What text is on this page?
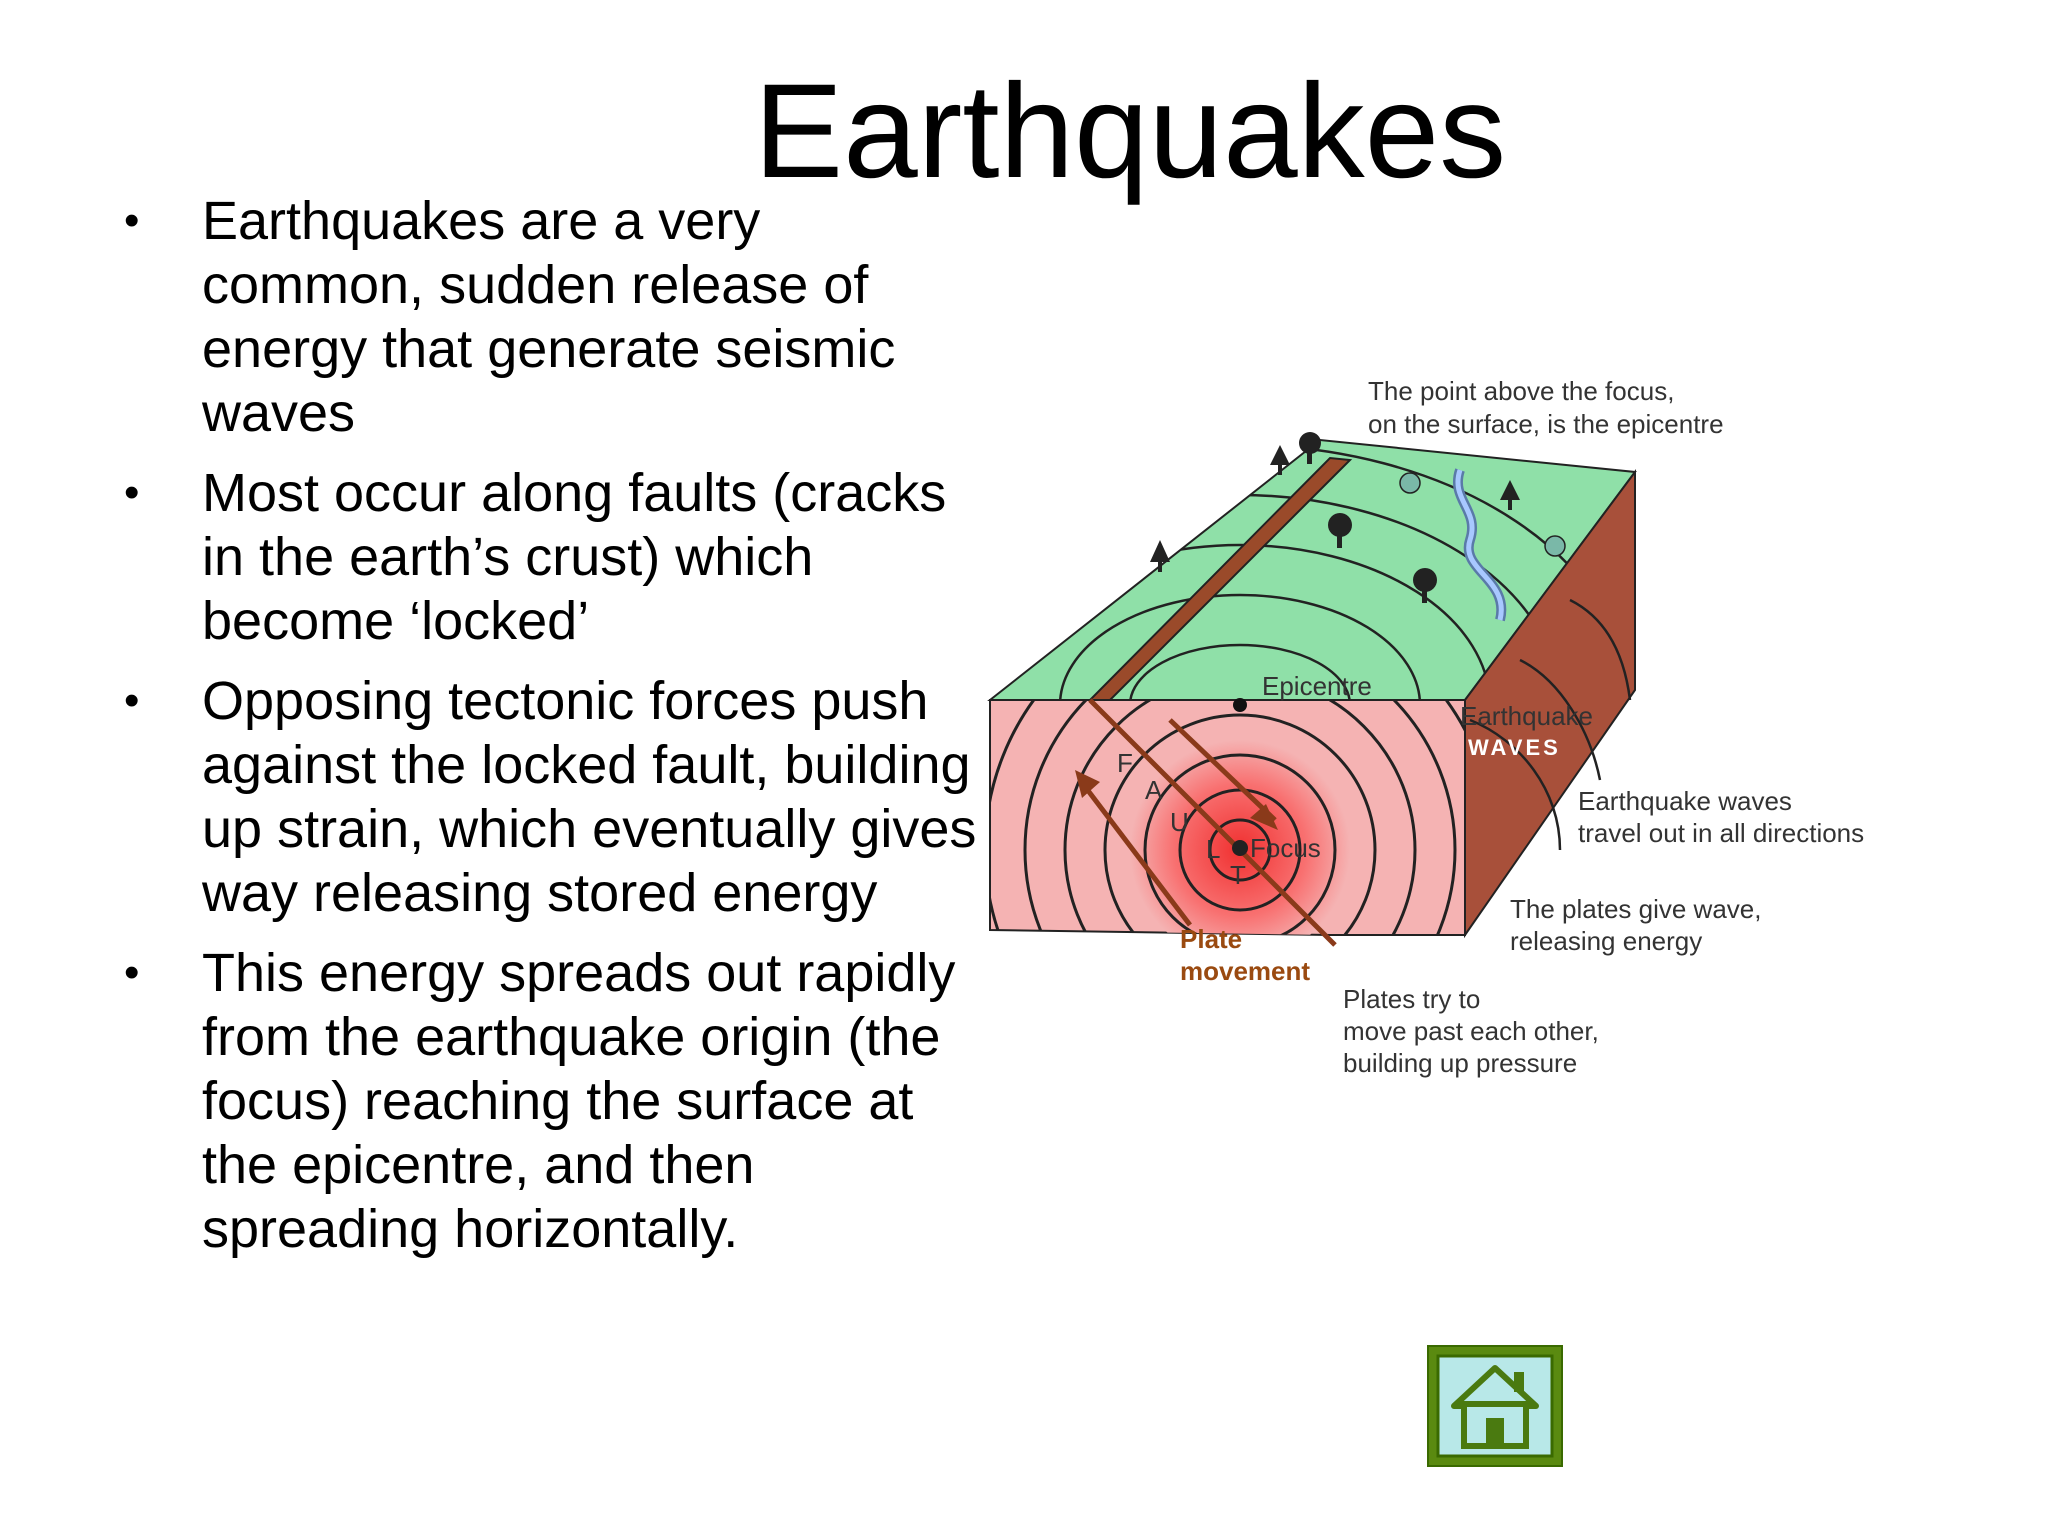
Earthquakes
• Earthquakes are a very common, sudden release of energy that generate seismic waves
• Most occur along faults (cracks in the earth’s crust) which become ‘locked’
• Opposing tectonic forces push against the locked fault, building up strain, which eventually gives way releasing stored energy
• This energy spreads out rapidly from the earthquake origin (the focus) reaching the surface at the epicentre, and then spreading horizontally.
The point above the focus,
on the surface, is the epicentre
Epicentre
Earthquake
WAVES
Earthquake waves
travel out in all directions
The plates give wave,
releasing energy
Focus
Plate
movement
Plates try to
move past each other,
building up pressure
F
A
U
L
T
